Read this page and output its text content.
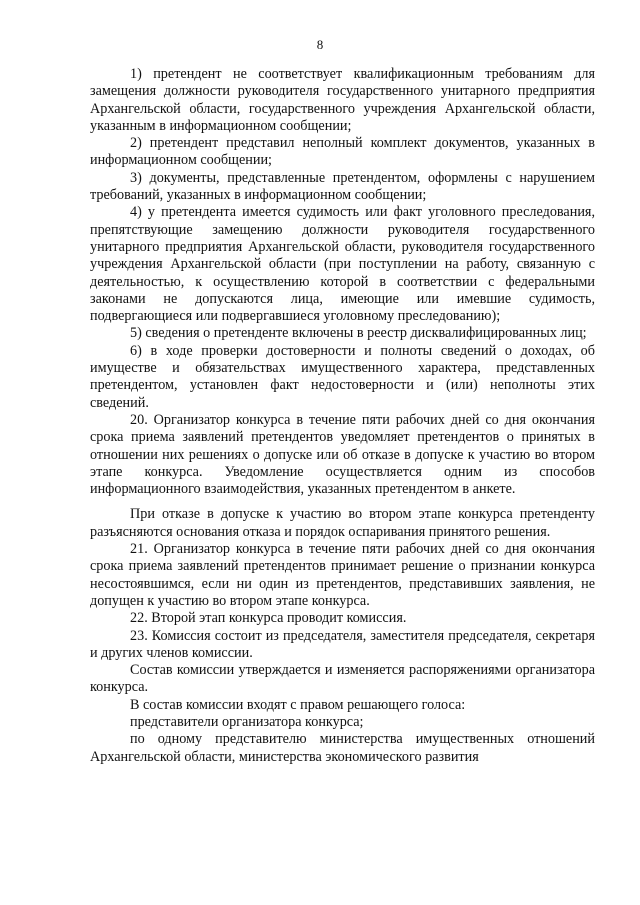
8

1) претендент не соответствует квалификационным требованиям для замещения должности руководителя государственного унитарного предприятия Архангельской области, государственного учреждения Архангельской области, указанным в информационном сообщении;

2) претендент представил неполный комплект документов, указанных в информационном сообщении;

3) документы, представленные претендентом, оформлены с нарушением требований, указанных в информационном сообщении;

4) у претендента имеется судимость или факт уголовного преследования, препятствующие замещению должности руководителя государственного унитарного предприятия Архангельской области, руководителя государственного учреждения Архангельской области (при поступлении на работу, связанную с деятельностью, к осуществлению которой в соответствии с федеральными законами не допускаются лица, имеющие или имевшие судимость, подвергающиеся или подвергавшиеся уголовному преследованию);

5) сведения о претенденте включены в реестр дисквалифицированных лиц;

6) в ходе проверки достоверности и полноты сведений о доходах, об имуществе и обязательствах имущественного характера, представленных претендентом, установлен факт недостоверности и (или) неполноты этих сведений.

20. Организатор конкурса в течение пяти рабочих дней со дня окончания срока приема заявлений претендентов уведомляет претендентов о принятых в отношении них решениях о допуске или об отказе в допуске к участию во втором этапе конкурса. Уведомление осуществляется одним из способов информационного взаимодействия, указанных претендентом в анкете.

При отказе в допуске к участию во втором этапе конкурса претенденту разъясняются основания отказа и порядок оспаривания принятого решения.

21. Организатор конкурса в течение пяти рабочих дней со дня окончания срока приема заявлений претендентов принимает решение о признании конкурса несостоявшимся, если ни один из претендентов, представивших заявления, не допущен к участию во втором этапе конкурса.

22. Второй этап конкурса проводит комиссия.

23. Комиссия состоит из председателя, заместителя председателя, секретаря и других членов комиссии.

Состав комиссии утверждается и изменяется распоряжениями организатора конкурса.

В состав комиссии входят с правом решающего голоса:

представители организатора конкурса;

по одному представителю министерства имущественных отношений Архангельской области, министерства экономического развития
